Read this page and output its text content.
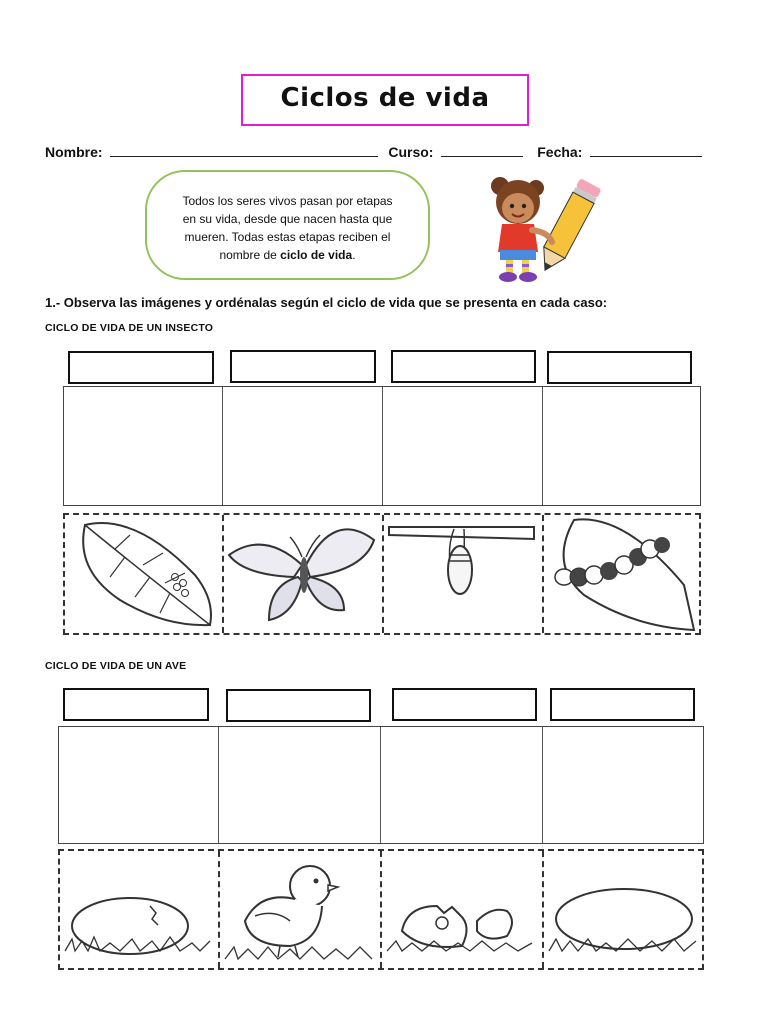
Ciclos de vida
Nombre:	Curso:	Fecha:
Todos los seres vivos pasan por etapas
en su vida, desde que nacen hasta que
mueren. Todas estas etapas reciben el
nombre de ciclo de vida.
1.- Observa las imágenes y ordénalas según el ciclo de vida que se presenta en cada caso:
CICLO DE VIDA DE UN INSECTO
CICLO DE VIDA DE UN AVE
